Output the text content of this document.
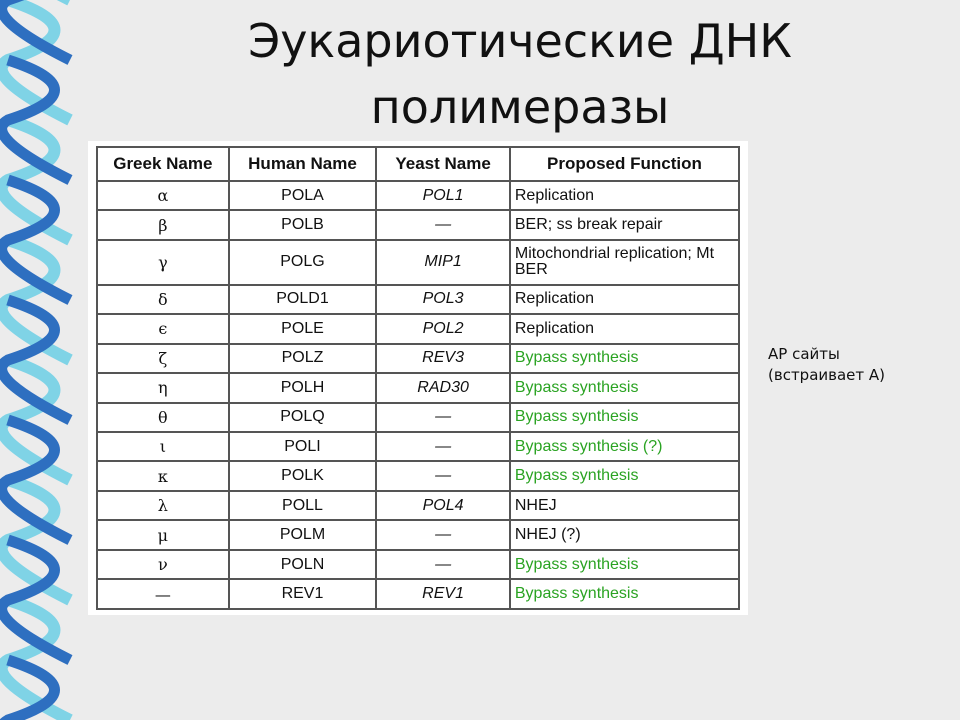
Эукариотические ДНК
полимеразы
Greek Name	Human Name	Yeast Name	Proposed Function
α	POLA	POL1	Replication
β	POLB	—	BER; ss break repair
γ	POLG	MIP1	Mitochondrial replication; Mt BER
δ	POLD1	POL3	Replication
ϵ	POLE	POL2	Replication
ζ	POLZ	REV3	Bypass synthesis
η	POLH	RAD30	Bypass synthesis
θ	POLQ	—	Bypass synthesis
ι	POLI	—	Bypass synthesis (?)
κ	POLK	—	Bypass synthesis
λ	POLL	POL4	NHEJ
μ	POLM	—	NHEJ (?)
ν	POLN	—	Bypass synthesis
—	REV1	REV1	Bypass synthesis
AP сайты
(встраивает А)
